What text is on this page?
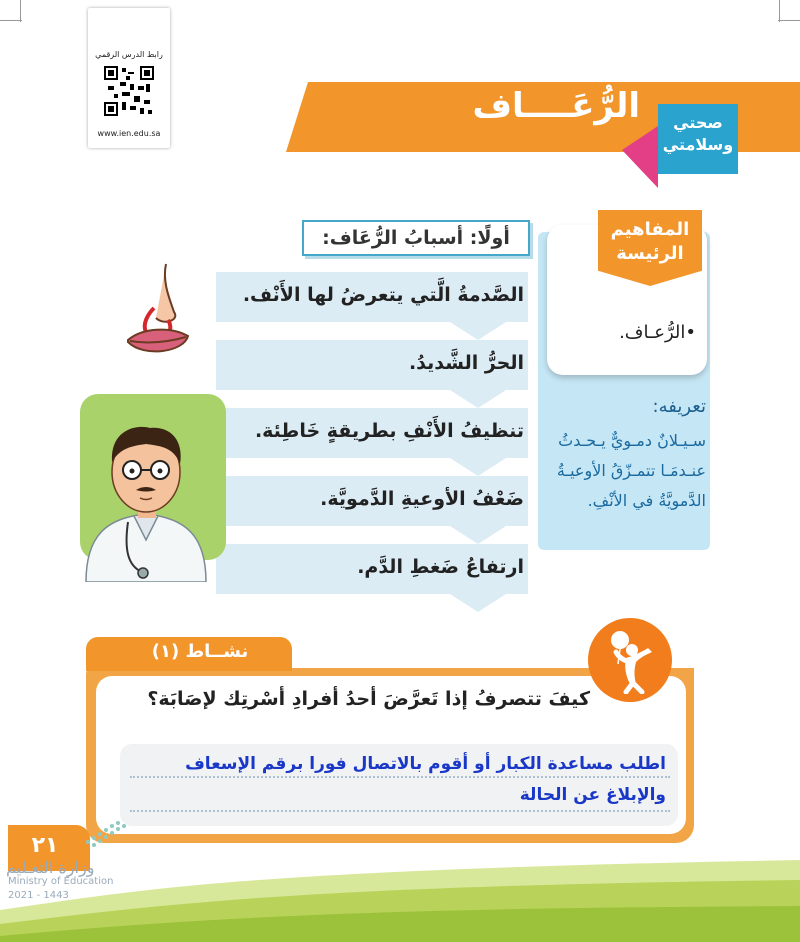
رابط الدرس الرقمي
www.ien.edu.sa
الرُّعَــــاف	صحتي
وسلامتي
المفاهيم
الرئيسة
•الرُّعـاف.
تعريفه:
سـيـلانٌ دمـويٌّ يـحـدثُ
عنـدمَـا تتمـزّقُ الأوعيـةُ
الدَّمويَّةُ في الأنْفِ.
أولًا: أسبابُ الرُّعَاف:
الصَّدمةُ الَّتي يتعرضُ لها الأَنْف.
الحرُّ الشَّديدُ.
تنظيفُ الأَنْفِ بطريقةٍ خَاطِئة.
ضَعْفُ الأوعيةِ الدَّمويَّة.
ارتفاعُ ضَغطِ الدَّم.
نشــاط (١)
كيفَ تتصرفُ إذا تَعرَّضَ أحدُ أفرادِ أسْرتِك لإصَابَة؟
اطلب مساعدة الكبار أو أقوم بالاتصال فورا برقم الإسعاف
والإبلاغ عن الحالة
٢١
وزارة التعـليم
Ministry of Education
2021 - 1443
